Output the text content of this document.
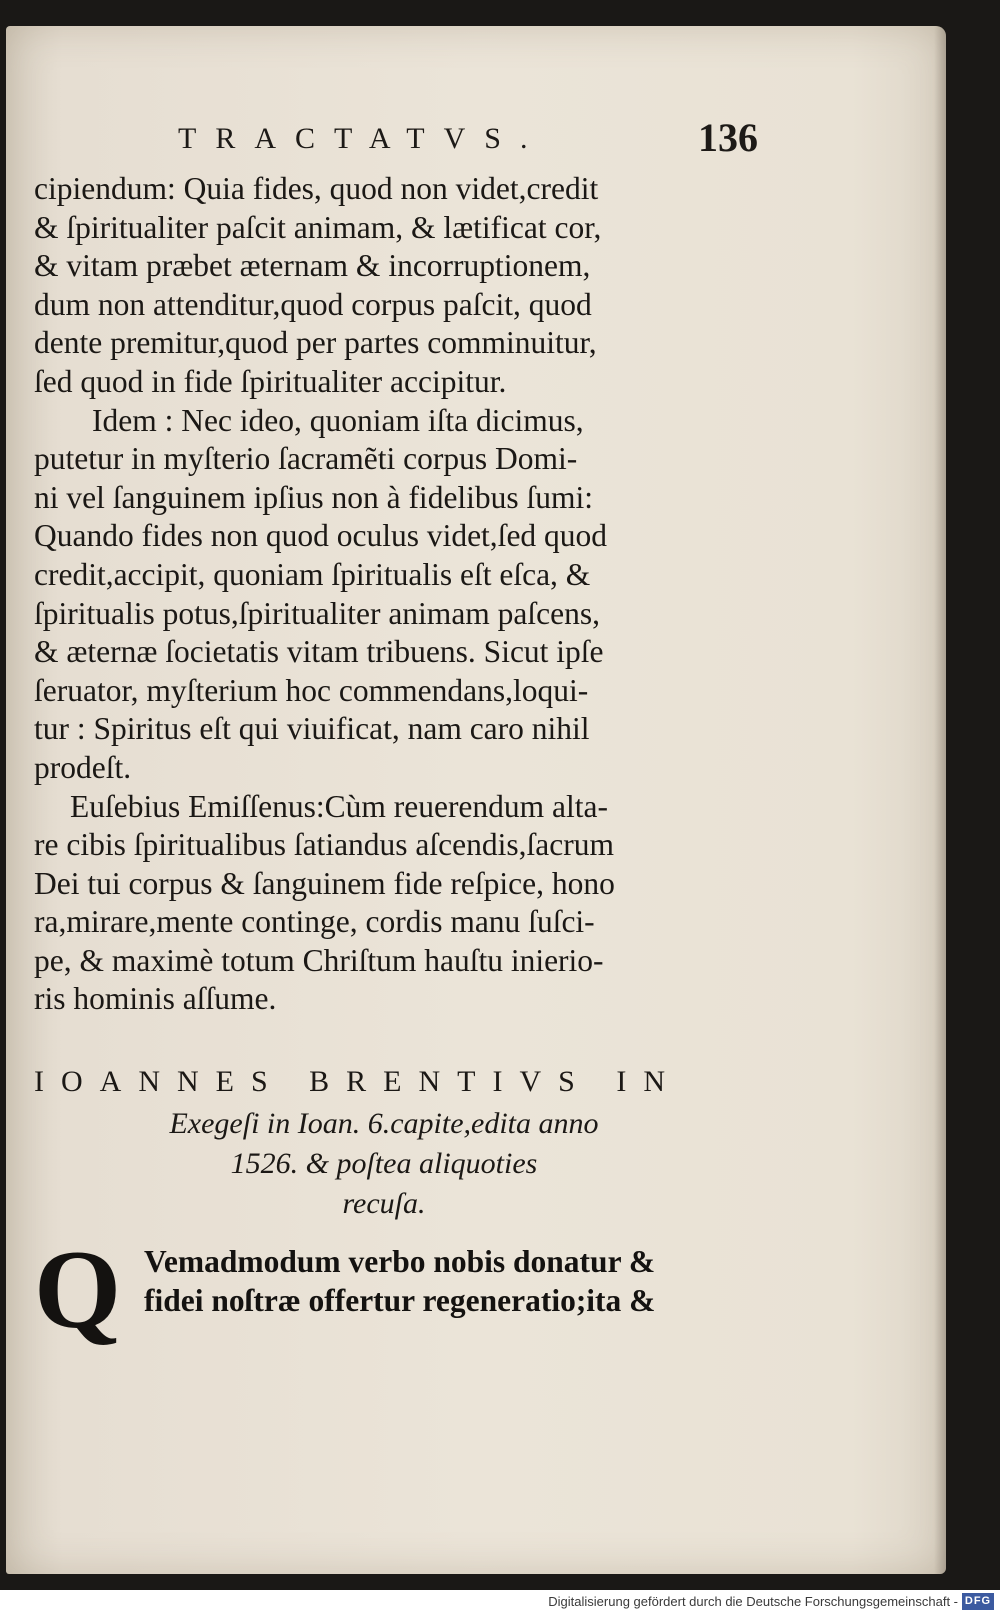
TRACTATVS.	136
cipiendum: Quia fides, quod non videt,credit
& ſpiritualiter paſcit animam, & lætificat cor,
& vitam præbet æternam & incorruptionem,
dum non attenditur,quod corpus paſcit, quod
dente premitur,quod per partes comminuitur,
ſed quod in fide ſpiritualiter accipitur.
Idem : Nec ideo, quoniam iſta dicimus,
putetur in myſterio ſacramẽti corpus Domi-
ni vel ſanguinem ipſius non à fidelibus ſumi:
Quando fides non quod oculus videt,ſed quod
credit,accipit, quoniam ſpiritualis eſt eſca, &
ſpiritualis potus,ſpiritualiter animam paſcens,
& æternæ ſocietatis vitam tribuens. Sicut ipſe
ſeruator, myſterium hoc commendans,loqui-
tur : Spiritus eſt qui viuificat, nam caro nihil
prodeſt.
Euſebius Emiſſenus:Cùm reuerendum alta-
re cibis ſpiritualibus ſatiandus aſcendis,ſacrum
Dei tui corpus & ſanguinem fide reſpice, hono
ra,mirare,mente contingе, cordis manu ſuſci-
pe, & maximè totum Chriſtum hauſtu inierio-
ris hominis aſſume.
IOANNES BRENTIVS IN
Exegeſi in Ioan. 6.capite,edita anno
1526. & poſtea aliquoties
recuſa.
Q Vemadmodum verbo nobis donatur &
fidei noſtræ offertur regeneratio;ita &
Digitalisierung gefördert durch die Deutsche Forschungsgemeinschaft - DFG
